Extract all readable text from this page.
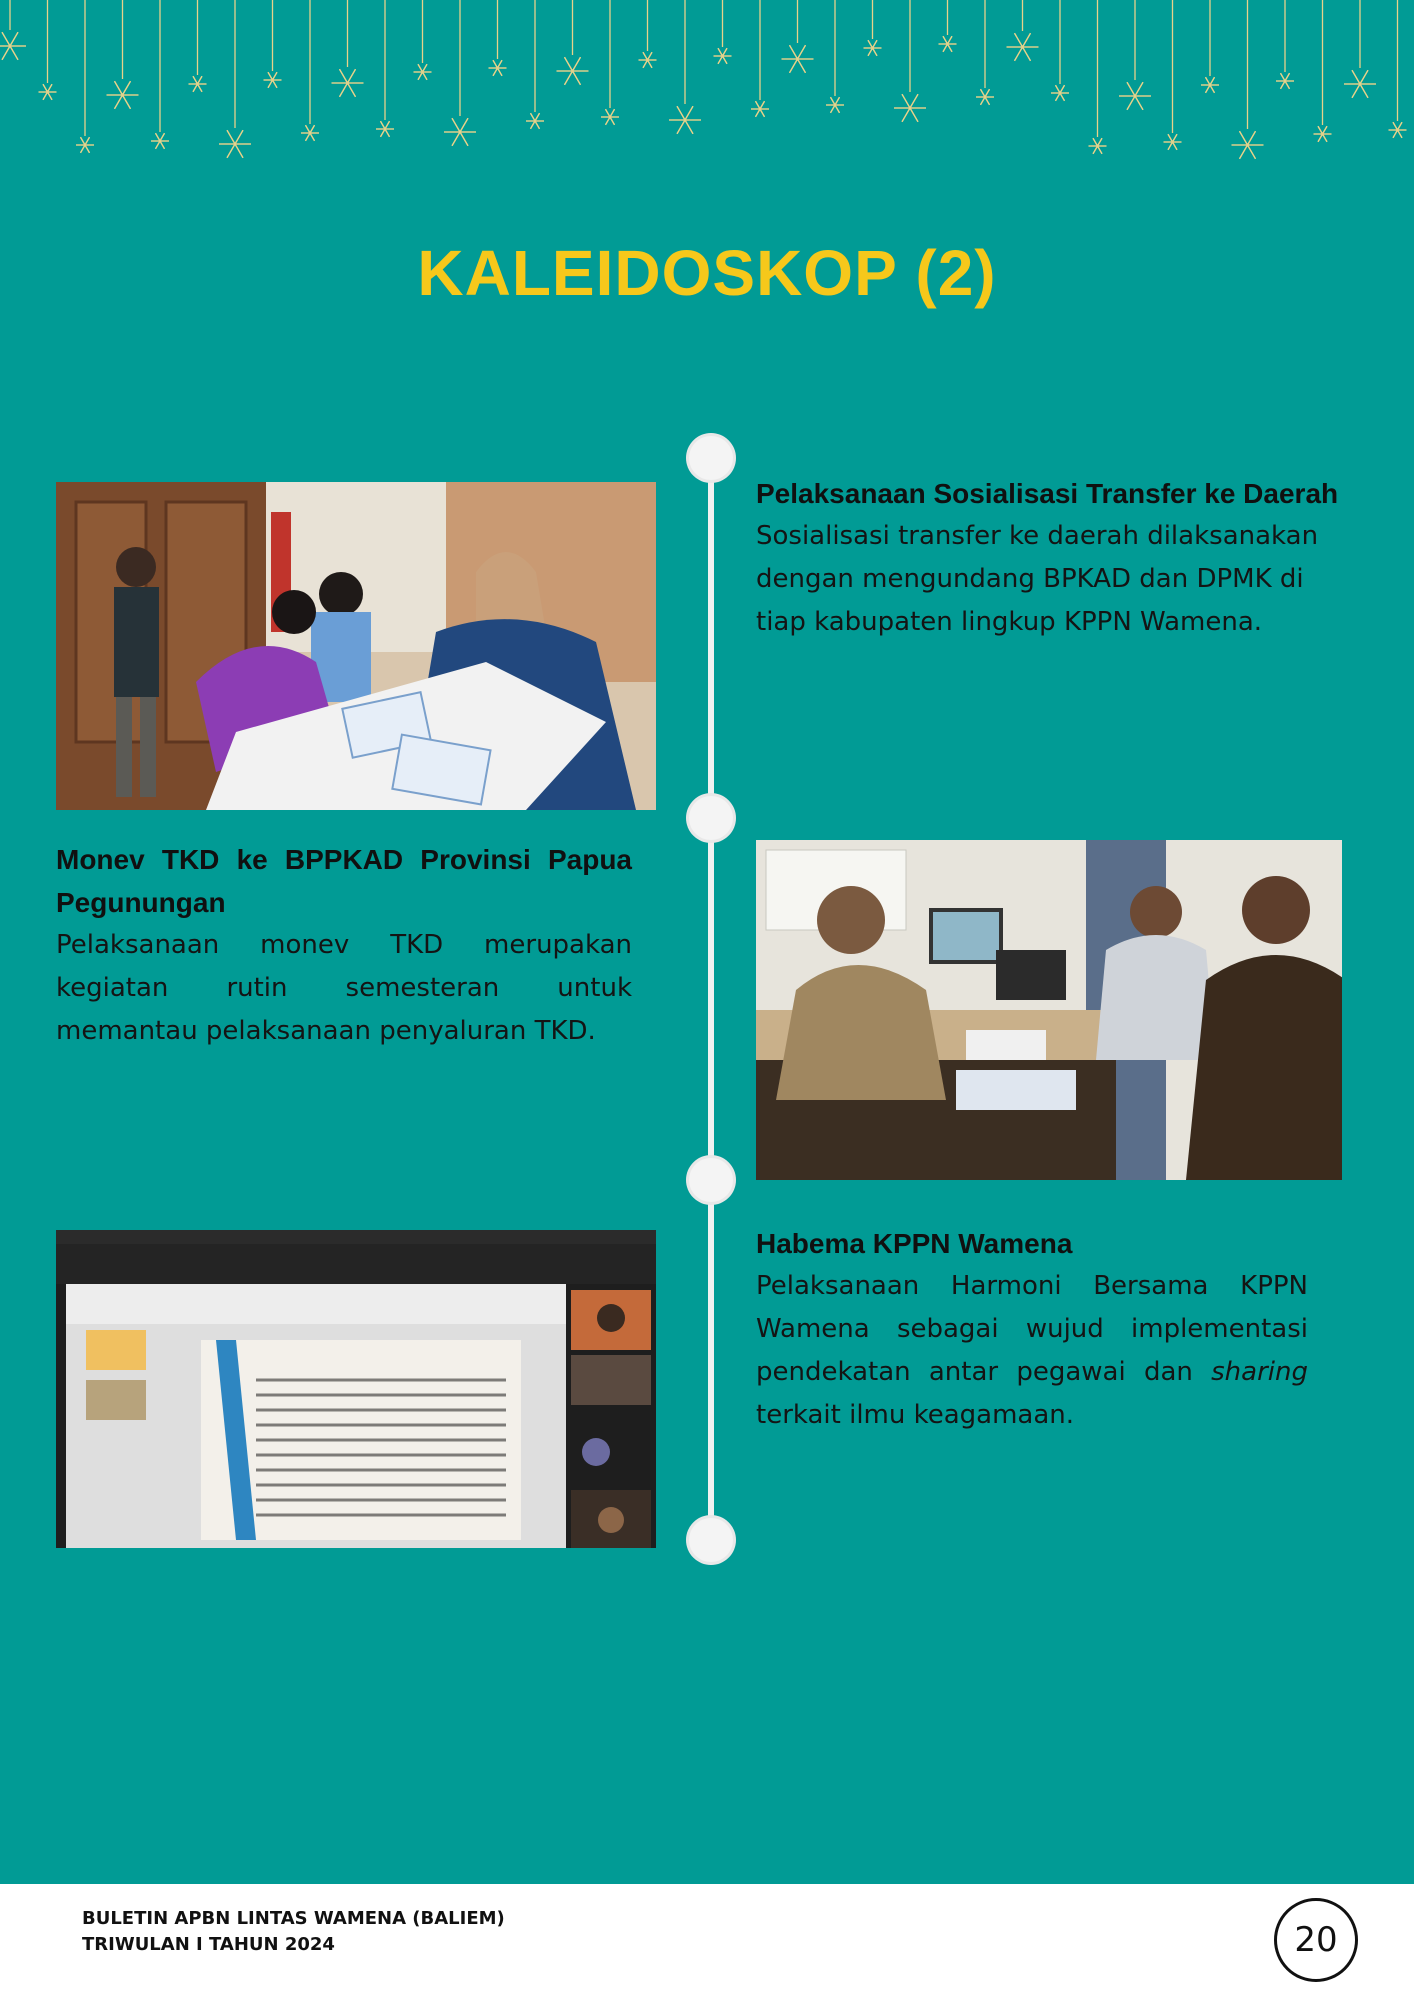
KALEIDOSKOP (2)

Pelaksanaan Sosialisasi Transfer ke Daerah

Sosialisasi transfer ke daerah dilaksanakan dengan mengundang BPKAD dan DPMK di tiap kabupaten lingkup KPPN Wamena.

Monev TKD ke BPPKAD Provinsi Papua Pegunungan

Pelaksanaan monev TKD merupakan kegiatan rutin semesteran untuk memantau pelaksanaan penyaluran TKD.

Habema KPPN Wamena

Pelaksanaan Harmoni Bersama KPPN Wamena sebagai wujud implementasi pendekatan antar pegawai dan sharing terkait ilmu keagamaan.

BULETIN APBN LINTAS WAMENA (BALIEM)
TRIWULAN I TAHUN 2024	20
